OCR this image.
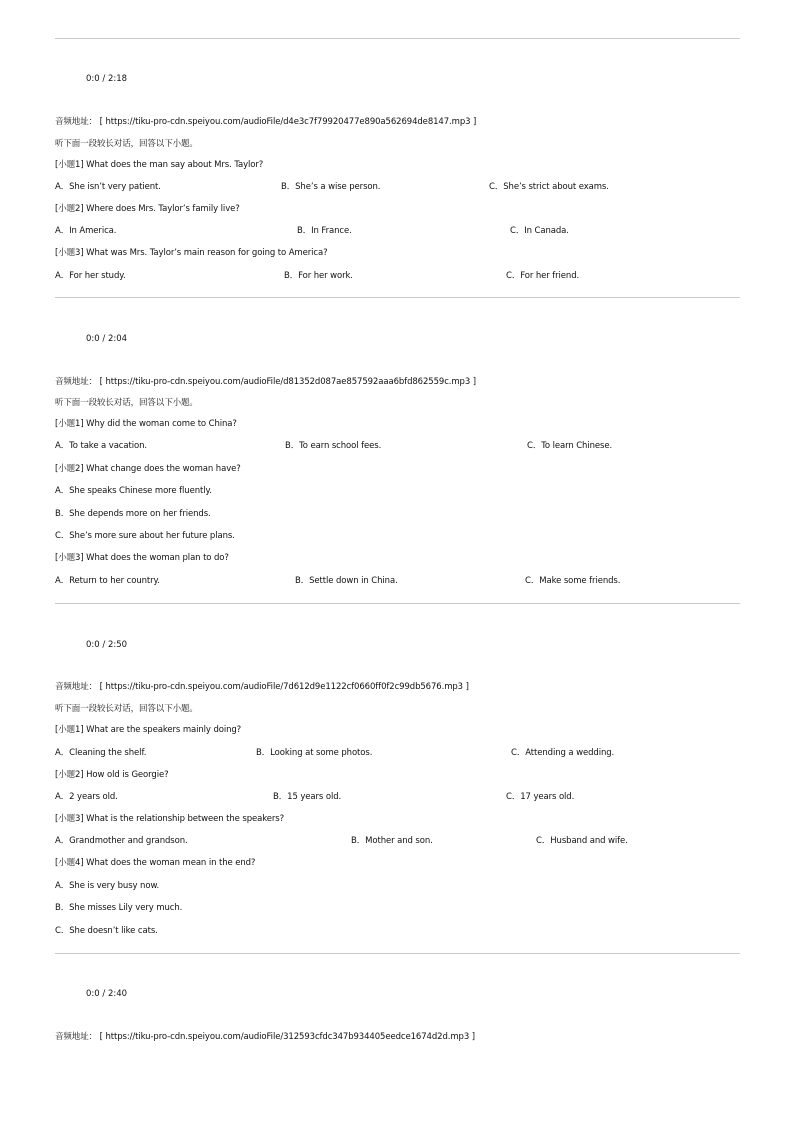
0:0 / 2:18
音频地址： [ https://tiku-pro-cdn.speiyou.com/audioFile/d4e3c7f79920477e890a562694de8147.mp3 ]
听下面一段较长对话，回答以下小题。
[小题1] What does the man say about Mrs. Taylor?
A．She isn’t very patient.	B．She’s a wise person.	C．She’s strict about exams.
[小题2] Where does Mrs. Taylor’s family live?
A．In America.	B．In France.	C．In Canada.
[小题3] What was Mrs. Taylor’s main reason for going to America?
A．For her study.	B．For her work.	C．For her friend.
0:0 / 2:04
音频地址： [ https://tiku-pro-cdn.speiyou.com/audioFile/d81352d087ae857592aaa6bfd862559c.mp3 ]
听下面一段较长对话，回答以下小题。
[小题1] Why did the woman come to China?
A．To take a vacation.	B．To earn school fees.	C．To learn Chinese.
[小题2] What change does the woman have?
A．She speaks Chinese more fluently.
B．She depends more on her friends.
C．She’s more sure about her future plans.
[小题3] What does the woman plan to do?
A．Return to her country.	B．Settle down in China.	C．Make some friends.
0:0 / 2:50
音频地址： [ https://tiku-pro-cdn.speiyou.com/audioFile/7d612d9e1122cf0660ff0f2c99db5676.mp3 ]
听下面一段较长对话，回答以下小题。
[小题1] What are the speakers mainly doing?
A．Cleaning the shelf.	B．Looking at some photos.	C．Attending a wedding.
[小题2] How old is Georgie?
A．2 years old.	B．15 years old.	C．17 years old.
[小题3] What is the relationship between the speakers?
A．Grandmother and grandson.	B．Mother and son.	C．Husband and wife.
[小题4] What does the woman mean in the end?
A．She is very busy now.
B．She misses Lily very much.
C．She doesn’t like cats.
0:0 / 2:40
音频地址： [ https://tiku-pro-cdn.speiyou.com/audioFile/312593cfdc347b934405eedce1674d2d.mp3 ]
